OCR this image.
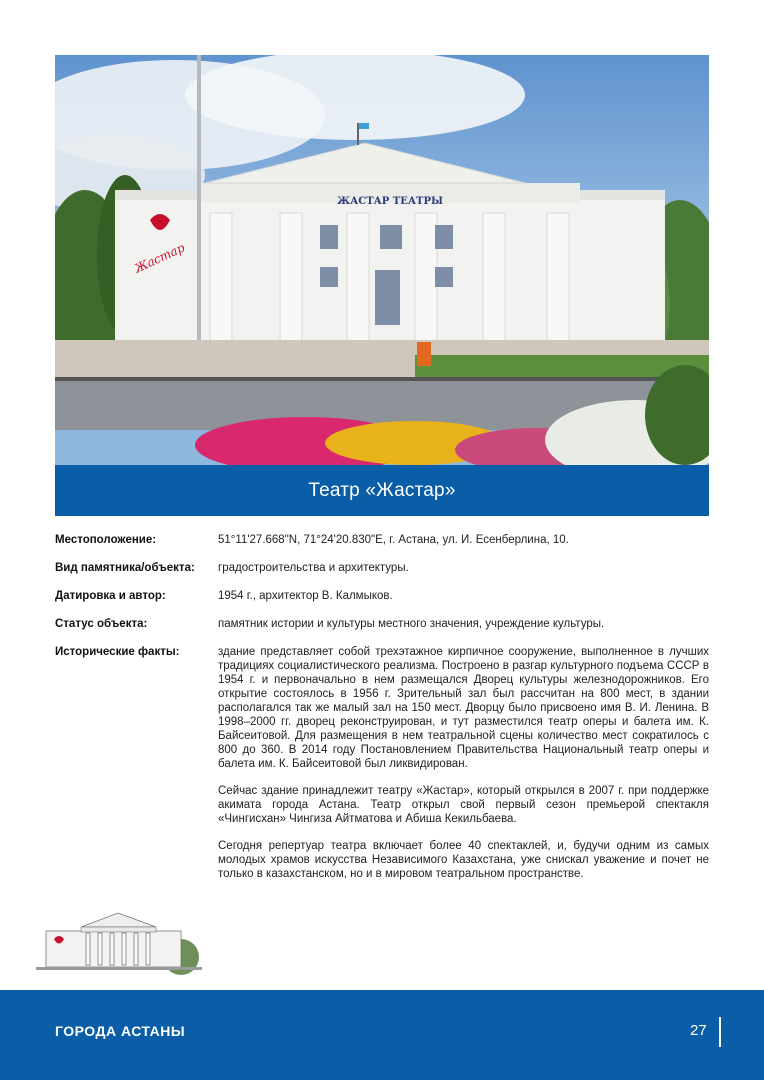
ЖАСТАР ТЕАТРЫ
Жастар
Театр «Жастар»
Местоположение:	51°11'27.668"N, 71°24'20.830"E, г. Астана, ул. И. Есенберлина, 10.
Вид памятника/объекта:	градостроительства и архитектуры.
Датировка и автор:	1954 г., архитектор В. Калмыков.
Статус объекта:	памятник истории и культуры местного значения, учреждение культуры.
Исторические факты:	здание представляет собой трехэтажное кирпичное сооружение, выполненное в лучших традициях социалистического реализма. Построено в разгар культурного подъема СССР в 1954 г. и первоначально в нем размещался Дворец культуры железнодорожников. Его открытие состоялось в 1956 г. Зрительный зал был рассчитан на 800 мест, в здании располагался так же малый зал на 150 мест. Дворцу было присвоено имя В. И. Ленина. В 1998–2000 гг. дворец реконструирован, и тут разместился театр оперы и балета им. К. Байсеитовой. Для размещения в нем театральной сцены количество мест сократилось с 800 до 360. В 2014 году Постановлением Правительства Национальный театр оперы и балета им. К. Байсеитовой был ликвидирован.

Сейчас здание принадлежит театру «Жастар», который открылся в 2007 г. при поддержке акимата города Астана. Театр открыл свой первый сезон премьерой спектакля «Чингисхан» Чингиза Айтматова и Абиша Кекильбаева.

Сегодня репертуар театра включает более 40 спектаклей, и, будучи одним из самых молодых храмов искусства Независимого Казахстана, уже снискал уважение и почет не только в казахстанском, но и в мировом театральном пространстве.

ГОРОДА АСТАНЫ	27
